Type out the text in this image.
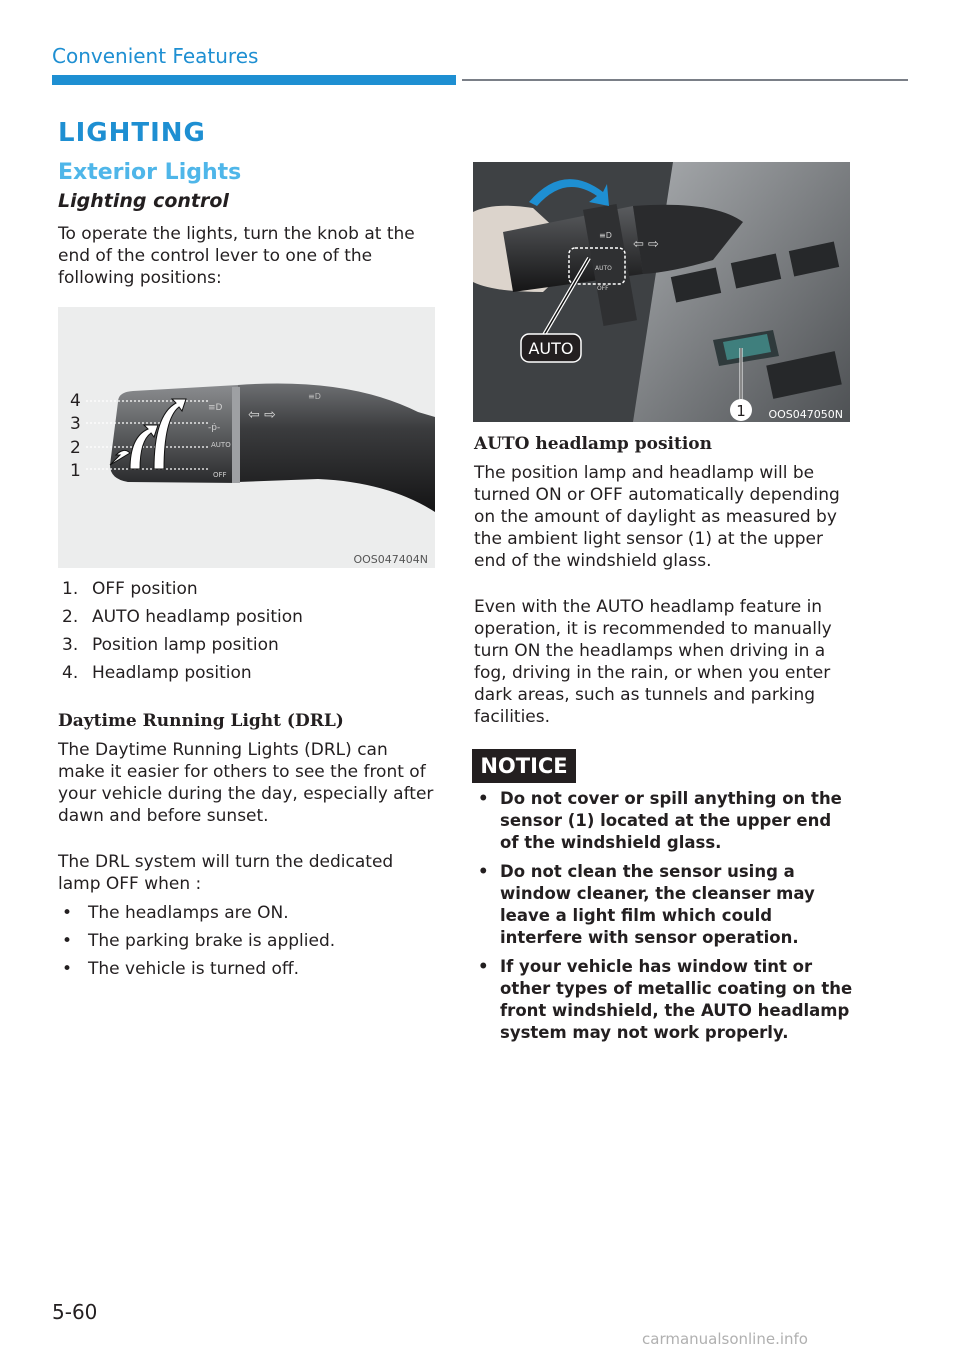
Convenient Features
LIGHTING
Exterior Lights
Lighting control
To operate the lights, turn the knob at the end of the control lever to one of the following positions:
≡D
-ṗ-
AUTO
OFF
⇦ ⇨
≡D
4
3
2
1
OOS047404N
1. OFF position
2. AUTO headlamp position
3. Position lamp position
4. Headlamp position
Daytime Running Light (DRL)
The Daytime Running Lights (DRL) can make it easier for others to see the front of your vehicle during the day, especially after dawn and before sunset.
The DRL system will turn the dedicated lamp OFF when :
• The headlamps are ON.
• The parking brake is applied.
• The vehicle is turned off.
⇦ ⇨
≡D
AUTO
OFF
AUTO
1 OOS047050N
AUTO headlamp position
The position lamp and headlamp will be turned ON or OFF automatically depending on the amount of daylight as measured by the ambient light sensor (1) at the upper end of the windshield glass.
Even with the AUTO headlamp feature in operation, it is recommended to manually turn ON the headlamps when driving in a fog, driving in the rain, or when you enter dark areas, such as tunnels and parking facilities.
NOTICE
• Do not cover or spill anything on the sensor (1) located at the upper end of the windshield glass.
• Do not clean the sensor using a window cleaner, the cleanser may leave a light film which could interfere with sensor operation.
• If your vehicle has window tint or other types of metallic coating on the front windshield, the AUTO headlamp system may not work properly.
5-60
carmanualsonline.info
